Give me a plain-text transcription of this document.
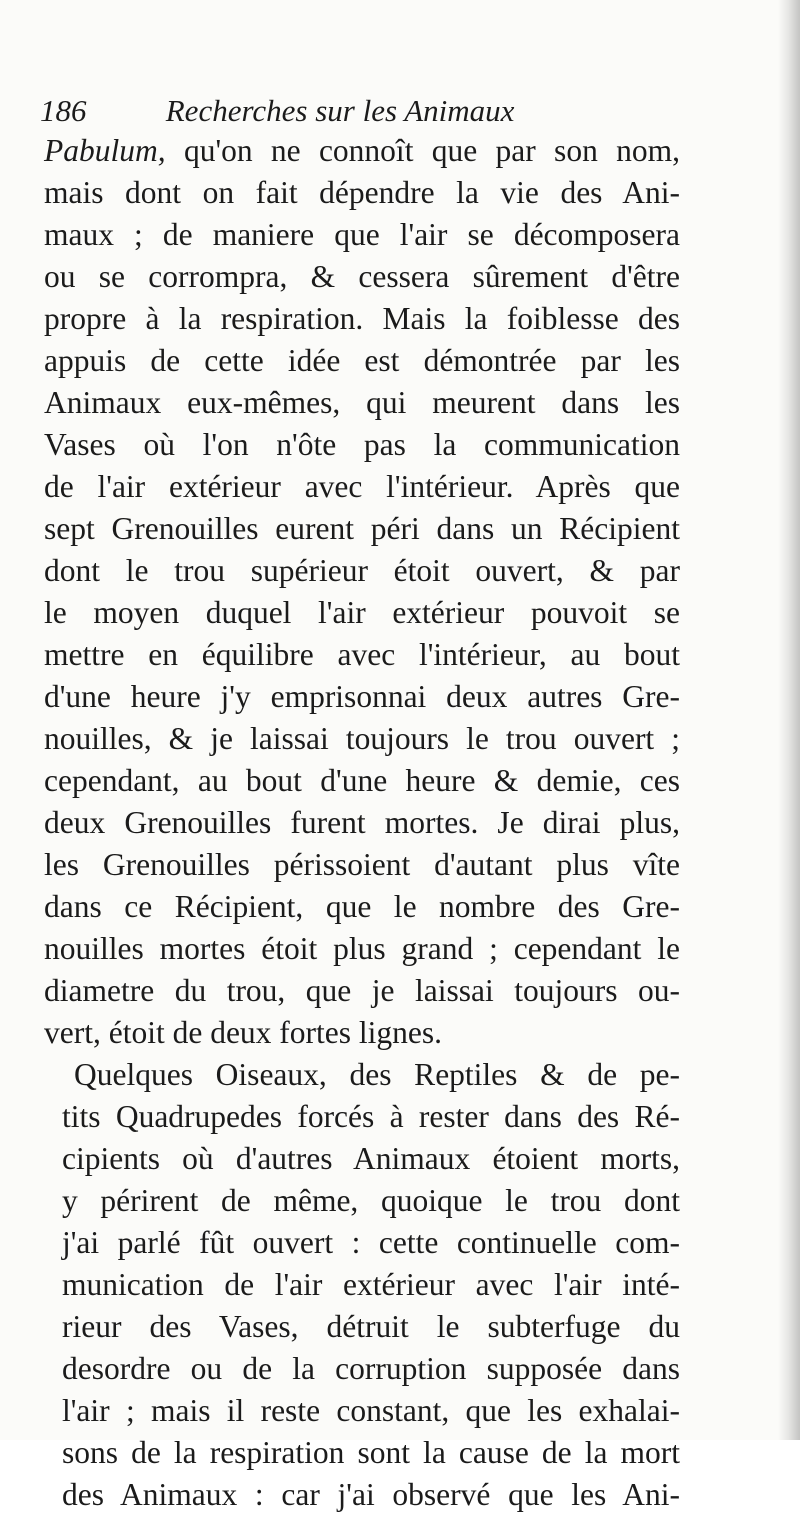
186	Recherches sur les Animaux
Pabulum, qu'on ne connoît que par son nom,
mais dont on fait dépendre la vie des Ani-
maux ; de maniere que l'air se décomposera
ou se corrompra, & cessera sûrement d'être
propre à la respiration. Mais la foiblesse des
appuis de cette idée est démontrée par les
Animaux eux-mêmes, qui meurent dans les
Vases où l'on n'ôte pas la communication
de l'air extérieur avec l'intérieur. Après que
sept Grenouilles eurent péri dans un Récipient
dont le trou supérieur étoit ouvert, & par
le moyen duquel l'air extérieur pouvoit se
mettre en équilibre avec l'intérieur, au bout
d'une heure j'y emprisonnai deux autres Gre-
nouilles, & je laissai toujours le trou ouvert ;
cependant, au bout d'une heure & demie, ces
deux Grenouilles furent mortes. Je dirai plus,
les Grenouilles périssoient d'autant plus vîte
dans ce Récipient, que le nombre des Gre-
nouilles mortes étoit plus grand ; cependant le
diametre du trou, que je laissai toujours ou-
vert, étoit de deux fortes lignes.
Quelques Oiseaux, des Reptiles & de pe-
tits Quadrupedes forcés à rester dans des Ré-
cipients où d'autres Animaux étoient morts,
y périrent de même, quoique le trou dont
j'ai parlé fût ouvert : cette continuelle com-
munication de l'air extérieur avec l'air inté-
rieur des Vases, détruit le subterfuge du
desordre ou de la corruption supposée dans
l'air ; mais il reste constant, que les exhalai-
sons de la respiration sont la cause de la mort
des Animaux : car j'ai observé que les Ani-
